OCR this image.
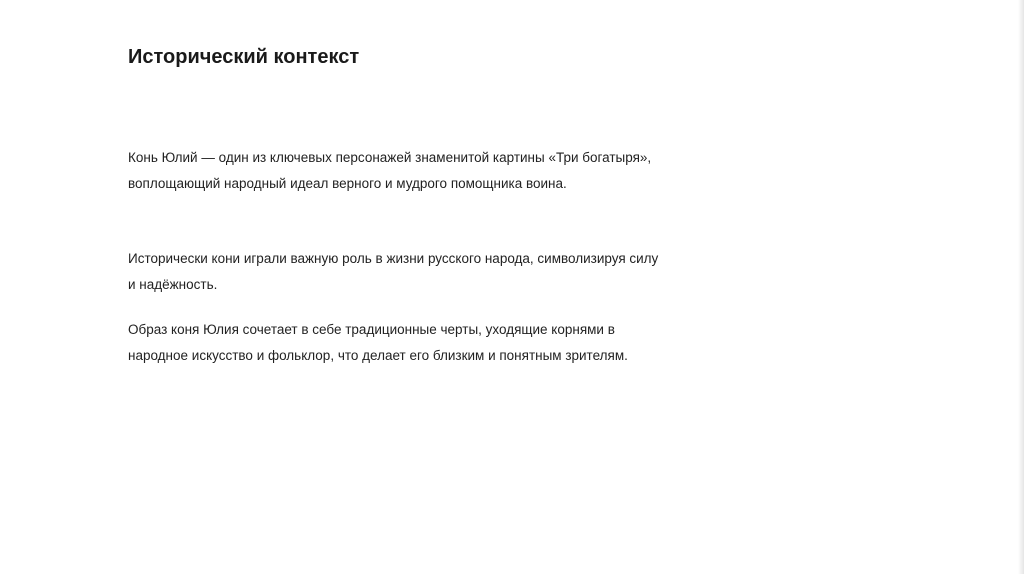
Исторический контекст
Конь Юлий — один из ключевых персонажей знаменитой картины «Три богатыря»,
воплощающий народный идеал верного и мудрого помощника воина.
Исторически кони играли важную роль в жизни русского народа, символизируя силу
и надёжность.
Образ коня Юлия сочетает в себе традиционные черты, уходящие корнями в
народное искусство и фольклор, что делает его близким и понятным зрителям.
